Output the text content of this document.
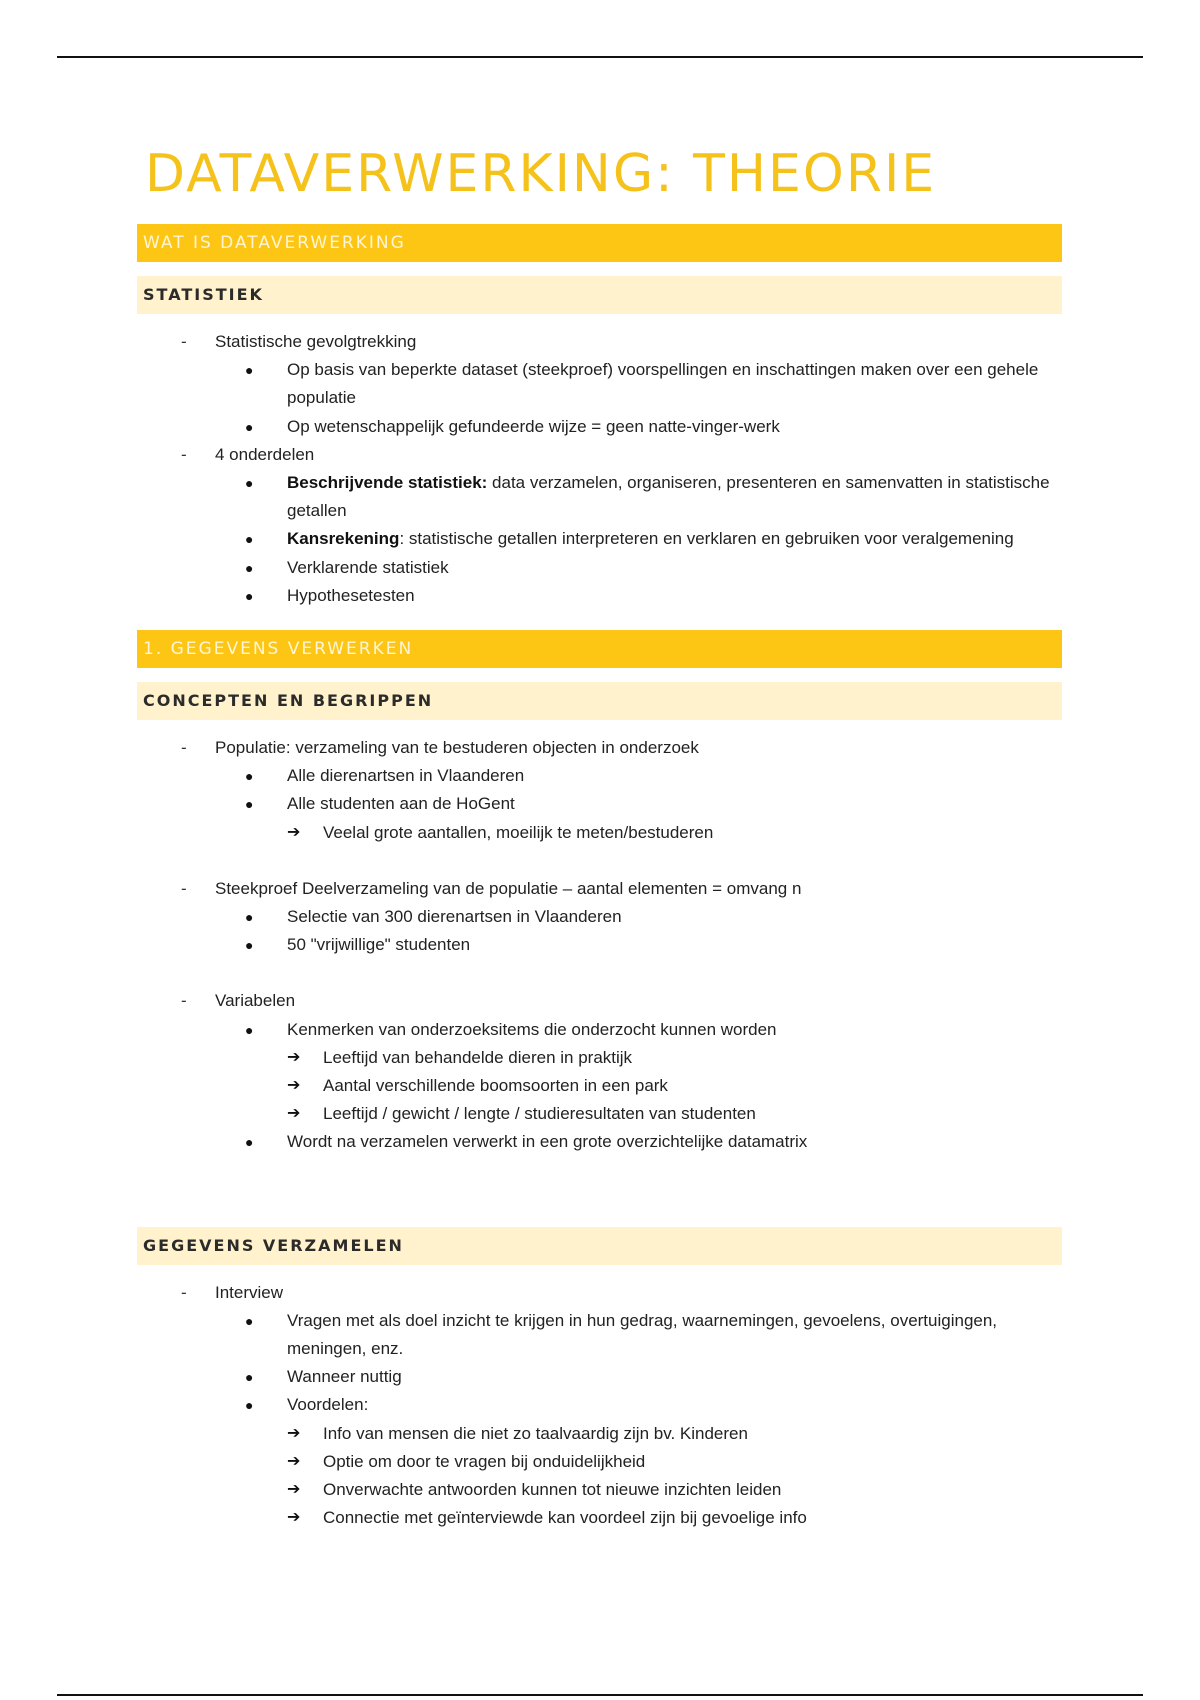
DATAVERWERKING: THEORIE
WAT IS DATAVERWERKING
STATISTIEK
-	Statistische gevolgtrekking
● Op basis van beperkte dataset (steekproef) voorspellingen en inschattingen maken over een gehele populatie
● Op wetenschappelijk gefundeerde wijze = geen natte-vinger-werk
-	4 onderdelen
● Beschrijvende statistiek: data verzamelen, organiseren, presenteren en samenvatten in statistische getallen
● Kansrekening: statistische getallen interpreteren en verklaren en gebruiken voor veralgemening
● Verklarende statistiek
● Hypothesetesten
1. GEGEVENS VERWERKEN
CONCEPTEN EN BEGRIPPEN
-	Populatie: verzameling van te bestuderen objecten in onderzoek
● Alle dierenartsen in Vlaanderen
● Alle studenten aan de HoGent
➔ Veelal grote aantallen, moeilijk te meten/bestuderen
-	Steekproef Deelverzameling van de populatie – aantal elementen = omvang n
● Selectie van 300 dierenartsen in Vlaanderen
● 50 "vrijwillige" studenten
-	Variabelen
● Kenmerken van onderzoeksitems die onderzocht kunnen worden
➔ Leeftijd van behandelde dieren in praktijk
➔ Aantal verschillende boomsoorten in een park
➔ Leeftijd / gewicht / lengte / studieresultaten van studenten
● Wordt na verzamelen verwerkt in een grote overzichtelijke datamatrix
GEGEVENS VERZAMELEN
-	Interview
● Vragen met als doel inzicht te krijgen in hun gedrag, waarnemingen, gevoelens, overtuigingen, meningen, enz.
● Wanneer nuttig
● Voordelen:
➔ Info van mensen die niet zo taalvaardig zijn bv. Kinderen
➔ Optie om door te vragen bij onduidelijkheid
➔ Onverwachte antwoorden kunnen tot nieuwe inzichten leiden
➔ Connectie met geïnterviewde kan voordeel zijn bij gevoelige info
